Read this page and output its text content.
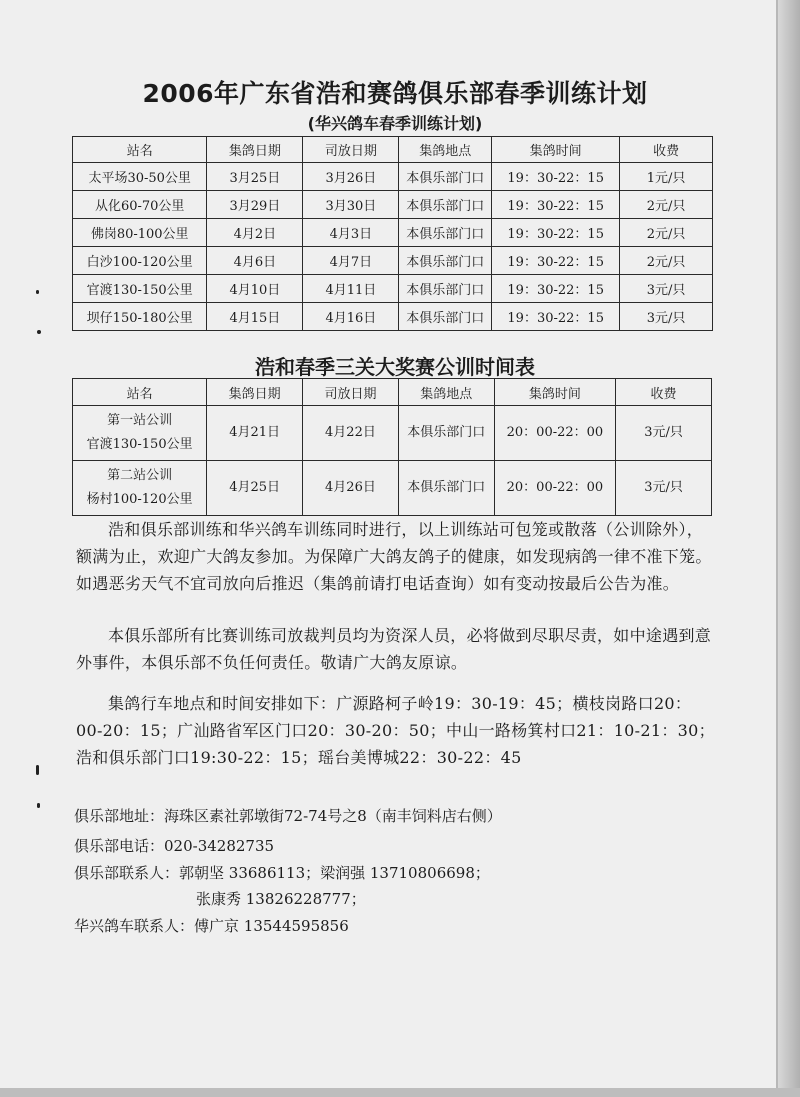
2006年广东省浩和赛鸽俱乐部春季训练计划
(华兴鸽车春季训练计划)
站名	集鸽日期	司放日期	集鸽地点	集鸽时间	收费
太平场30-50公里	3月25日	3月26日	本俱乐部门口	19：30-22：15	1元/只
从化60-70公里	3月29日	3月30日	本俱乐部门口	19：30-22：15	2元/只
佛岗80-100公里	4月2日	4月3日	本俱乐部门口	19：30-22：15	2元/只
白沙100-120公里	4月6日	4月7日	本俱乐部门口	19：30-22：15	2元/只
官渡130-150公里	4月10日	4月11日	本俱乐部门口	19：30-22：15	3元/只
坝仔150-180公里	4月15日	4月16日	本俱乐部门口	19：30-22：15	3元/只
浩和春季三关大奖赛公训时间表
站名	集鸽日期	司放日期	集鸽地点	集鸽时间	收费

第一站公训
官渡130-150公里	4月21日	4月22日	本俱乐部门口	20：00-22：00	3元/只

第二站公训
杨村100-120公里	4月25日	4月26日	本俱乐部门口	20：00-22：00	3元/只

浩和俱乐部训练和华兴鸽车训练同时进行，以上训练站可包笼或散落（公训除外），额满为止，欢迎广大鸽友参加。为保障广大鸽友鸽子的健康，如发现病鸽一律不准下笼。如遇恶劣天气不宜司放向后推迟（集鸽前请打电话查询）如有变动按最后公告为准。

本俱乐部所有比赛训练司放裁判员均为资深人员，必将做到尽职尽责，如中途遇到意外事件，本俱乐部不负任何责任。敬请广大鸽友原谅。

集鸽行车地点和时间安排如下：广源路柯子岭19：30-19：45；横枝岗路口20：00-20：15；广汕路省军区门口20：30-20：50；中山一路杨箕村口21：10-21：30；浩和俱乐部门口19:30-22：15；瑶台美博城22：30-22：45

俱乐部地址：海珠区素社郭墩街72-74号之8（南丰饲料店右侧）
俱乐部电话：020-34282735
俱乐部联系人：郭朝坚 33686113；梁润强 13710806698；
张康秀 13826228777；
华兴鸽车联系人：傅广京 13544595856
